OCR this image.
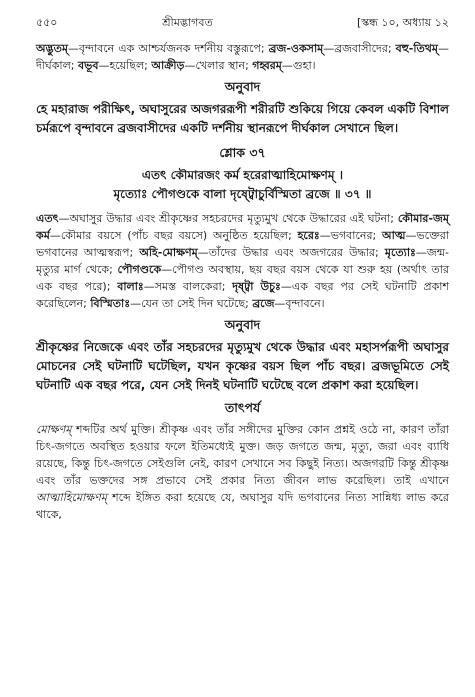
৫৫০	শ্রীমদ্ভাগবত	[স্কন্ধ ১০, অধ্যায় ১২

অদ্ভুতম্—বৃন্দাবনে এক আশ্চর্যজনক দর্শনীয় বস্তুরূপে; ব্রজ-ওকসাম্—ব্রজবাসীদের; বহু-তিথম্—দীর্ঘকাল; বভূব—হয়েছিল; আক্রীড়—খেলার স্থান; গহ্বরম্—গুহা।

অনুবাদ

হে মহারাজ পরীক্ষিৎ, অঘাসুরের অজগররূপী শরীরটি শুকিয়ে গিয়ে কেবল একটি বিশাল চর্মরূপে বৃন্দাবনে ব্রজবাসীদের একটি দর্শনীয় স্থানরূপে দীর্ঘকাল সেখানে ছিল।

শ্লোক ৩৭
এতৎ কৌমারজং কর্ম হরেরাত্মাহিমোক্ষণম্ ।
মৃত্যোঃ পৌগণ্ডকে বালা দৃষ্ট্বোচুর্বিস্মিতা ব্রজে ॥ ৩৭ ॥

এতৎ—অঘাসুর উদ্ধার এবং শ্রীকৃষ্ণের সহচরদের মৃত্যুমুখ থেকে উদ্ধারের এই ঘটনা; কৌমার-জম্ কর্ম—কৌমার বয়সে (পাঁচ বছর বয়সে) অনুষ্ঠিত হয়েছিল; হরেঃ—ভগবানের; আত্ম—ভক্তেরা ভগবানের আত্মস্বরূপ; অহি-মোক্ষণম্—তাঁদের উদ্ধার এবং অজগরের উদ্ধার; মৃত্যোঃ—জন্ম-মৃত্যুর মার্গ থেকে; পৌগণ্ডকে—পৌগণ্ড অবস্থায়, ছয় বছর বয়স থেকে যা শুরু হয় (অর্থাৎ তার এক বছর পরে); বালাঃ—সমস্ত বালকেরা; দৃষ্ট্বা উচুঃ—এক বছর পর সেই ঘটনাটি প্রকাশ করেছিলেন; বিস্মিতাঃ—যেন তা সেই দিন ঘটেছে; ব্রজে—বৃন্দাবনে।

অনুবাদ

শ্রীকৃষ্ণের নিজেকে এবং তাঁর সহচরদের মৃত্যুমুখ থেকে উদ্ধার এবং মহাসর্পরূপী অঘাসুর মোচনের সেই ঘটনাটি ঘটেছিল, যখন কৃষ্ণের বয়স ছিল পাঁচ বছর। ব্রজভূমিতে সেই ঘটনাটি এক বছর পরে, যেন সেই দিনই ঘটনাটি ঘটেছে বলে প্রকাশ করা হয়েছিল।

তাৎপর্য

মোক্ষণম্ শব্দটির অর্থ মুক্তি। শ্রীকৃষ্ণ এবং তাঁর সঙ্গীদের মুক্তির কোন প্রশ্নই ওঠে না, কারণ তাঁরা চিৎ-জগতে অবস্থিত হওয়ার ফলে ইতিমধ্যেই মুক্ত। জড় জগতে জন্ম, মৃত্যু, জরা এবং ব্যাধি রয়েছে, কিন্তু চিৎ-জগতে সেইগুলি নেই, কারণ সেখানে সব কিছুই নিত্য। অজগরটি কিন্তু শ্রীকৃষ্ণ এবং তাঁর ভক্তদের সঙ্গ প্রভাবে সেই প্রকার নিত্য জীবন লাভ করেছিল। তাই এখানে আত্মাহিমোক্ষণম্ শব্দে ইঙ্গিত করা হয়েছে যে, অঘাসুর যদি ভগবানের নিত্য সান্নিধ্য লাভ করে থাকে,
